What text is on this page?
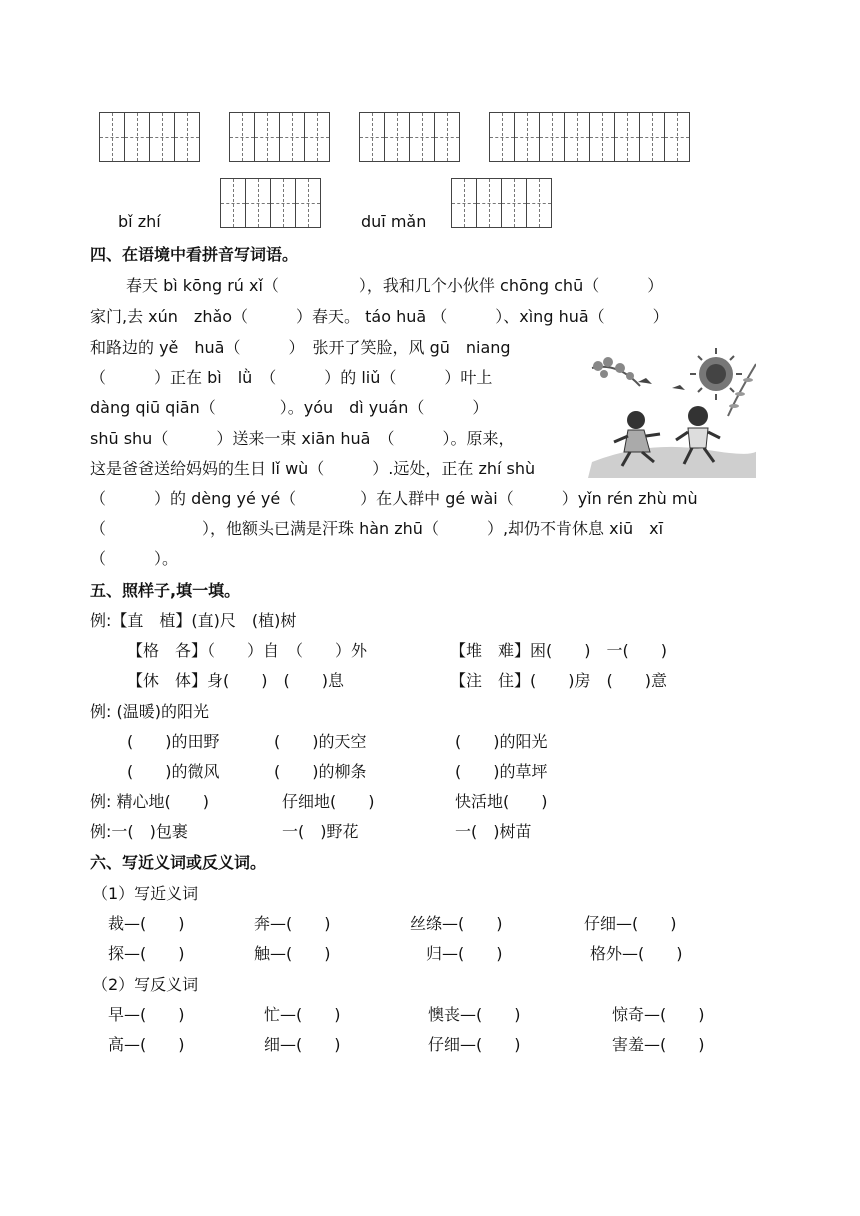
bǐ zhí	duī mǎn
四、在语境中看拼音写词语。
春天 bì kōng rú xǐ（　　　　　），我和几个小伙伴 chōng chū（　　　）
家门,去 xún　zhǎo（　　　）春天。 táo huā （　　　）、xìng huā（　　　）
和路边的 yě　huā（　　　）　张开了笑脸，风 gū　niang
（　　　）正在 bì　lǜ　（　　　）的 liǔ（　　　）叶上
dàng qiū qiān（　　　　）。yóu　dì yuán（　　　）
shū shu（　　　）送来一束 xiān huā　（　　　）。原来，
这是爸爸送给妈妈的生日 lǐ wù（　　　）.远处，正在 zhí shù
（　　　）的 dèng yé yé（　　　　）在人群中 gé wài（　　　）yǐn rén zhù mù
（　　　　　　），他额头已满是汗珠 hàn zhū（　　　）,却仍不肯休息 xiū　xī
（　　　）。
五、照样子,填一填。
例:【直　植】(直)尺　(植)树
【格　各】（　　）自　（　　）外	【堆　难】困(　　)　一(　　)
【休　体】身(　　)　(　　)息	【注　住】(　　)房　(　　)意
例: (温暖)的阳光
(　　)的田野	(　　)的天空	(　　)的阳光
(　　)的微风	(　　)的柳条	(　　)的草坪
例: 精心地(　　)	仔细地(　　)	快活地(　　)
例:一(　)包裹	一(　)野花	一(　)树苗
六、写近义词或反义词。
（1）写近义词
裁—(　　)	奔—(　　)	丝绦—(　　)	仔细—(　　)
探—(　　)	触—(　　)	归—(　　)	格外—(　　)
（2）写反义词
早—(　　)	忙—(　　)	懊丧—(　　)	惊奇—(　　)
高—(　　)	细—(　　)	仔细—(　　)	害羞—(　　)
